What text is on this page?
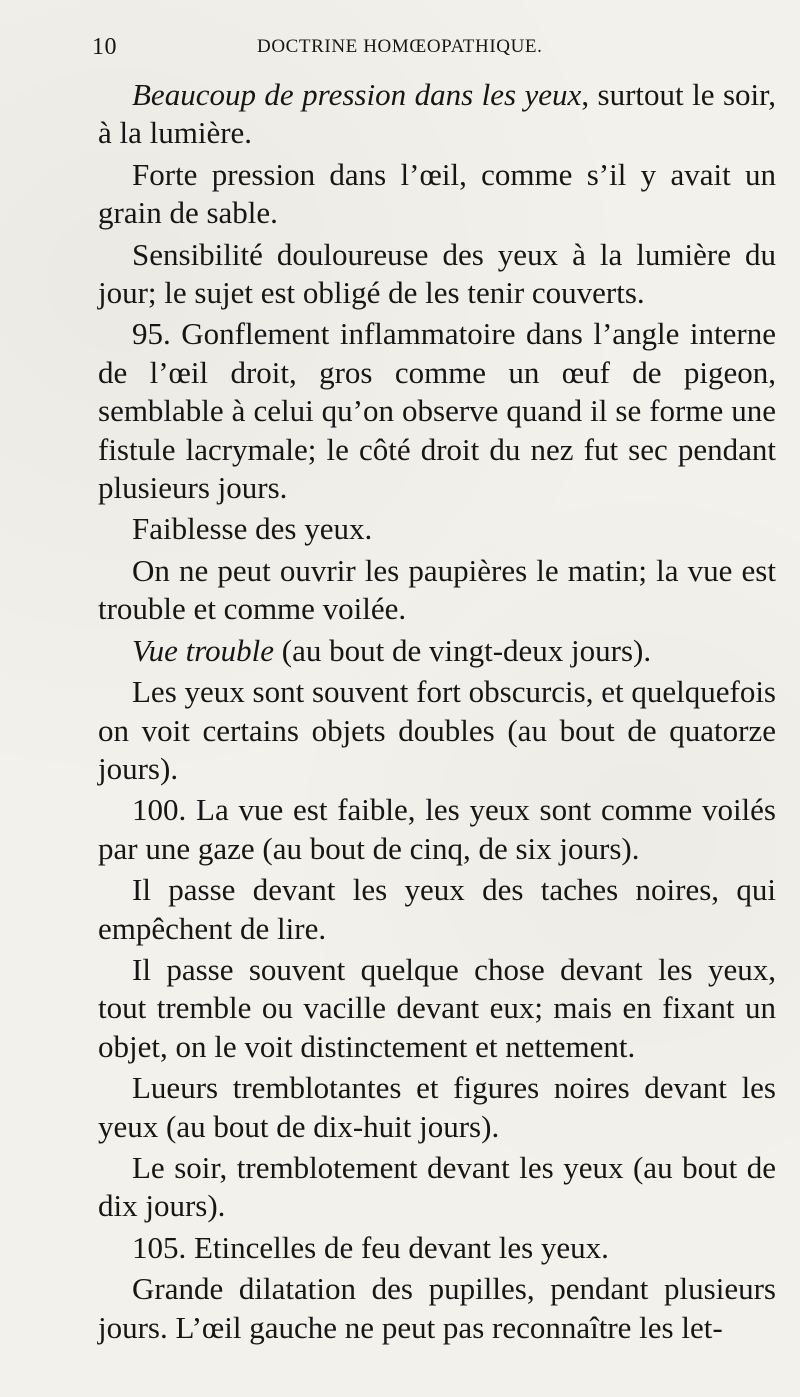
10	DOCTRINE HOMŒOPATHIQUE.

Beaucoup de pression dans les yeux, surtout le soir, à la lumière.

Forte pression dans l’œil, comme s’il y avait un grain de sable.

Sensibilité douloureuse des yeux à la lumière du jour; le sujet est obligé de les tenir couverts.

95. Gonflement inflammatoire dans l’angle interne de l’œil droit, gros comme un œuf de pigeon, semblable à celui qu’on observe quand il se forme une fistule lacrymale; le côté droit du nez fut sec pendant plusieurs jours.

Faiblesse des yeux.

On ne peut ouvrir les paupières le matin; la vue est trouble et comme voilée.

Vue trouble (au bout de vingt-deux jours).

Les yeux sont souvent fort obscurcis, et quelquefois on voit certains objets doubles (au bout de quatorze jours).

100. La vue est faible, les yeux sont comme voilés par une gaze (au bout de cinq, de six jours).

Il passe devant les yeux des taches noires, qui empêchent de lire.

Il passe souvent quelque chose devant les yeux, tout tremble ou vacille devant eux; mais en fixant un objet, on le voit distinctement et nettement.

Lueurs tremblotantes et figures noires devant les yeux (au bout de dix-huit jours).

Le soir, tremblotement devant les yeux (au bout de dix jours).

105. Etincelles de feu devant les yeux.

Grande dilatation des pupilles, pendant plusieurs jours. L’œil gauche ne peut pas reconnaître les let-
